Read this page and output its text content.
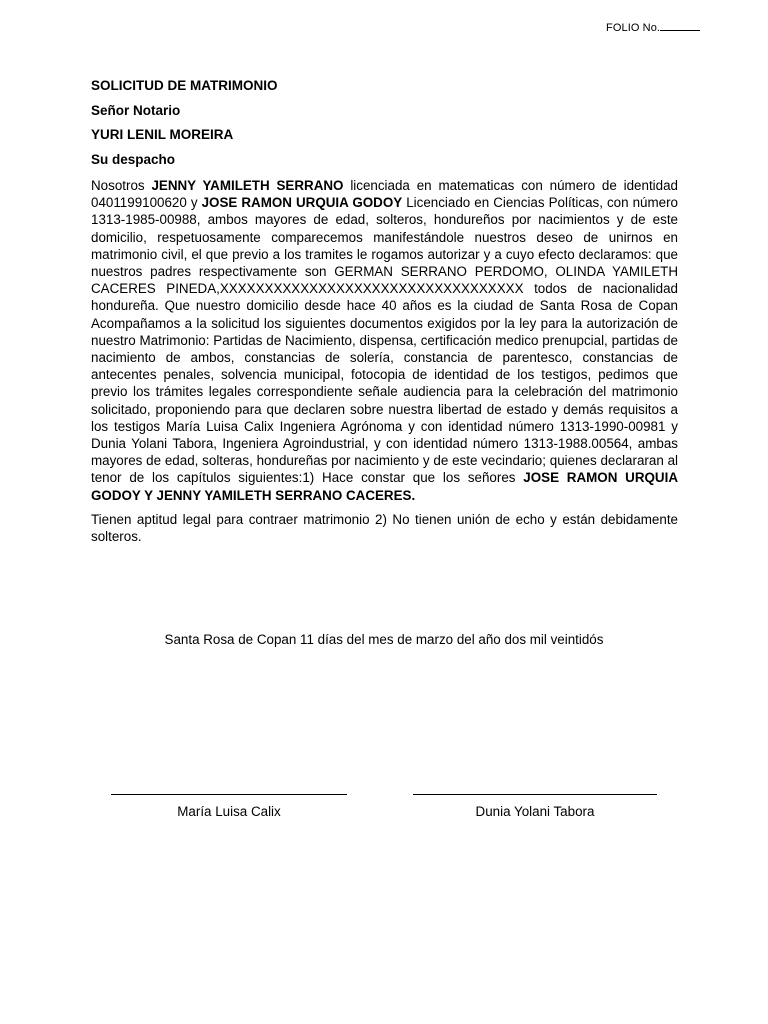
FOLIO No.
SOLICITUD DE MATRIMONIO
Señor Notario
YURI LENIL MOREIRA
Su despacho

Nosotros JENNY YAMILETH SERRANO licenciada en matematicas con número de identidad 0401199100620 y JOSE RAMON URQUIA GODOY Licenciado en Ciencias Políticas, con número 1313-1985-00988, ambos mayores de edad, solteros, hondureños por nacimientos y de este domicilio, respetuosamente comparecemos manifestándole nuestros deseo de unirnos en matrimonio civil, el que previo a los tramites le rogamos autorizar y a cuyo efecto declaramos: que nuestros padres respectivamente son GERMAN SERRANO PERDOMO, OLINDA YAMILETH CACERES PINEDA,XXXXXXXXXXXXXXXXXXXXXXXXXXXXXXXXXX todos de nacionalidad hondureña. Que nuestro domicilio desde hace 40 años es la ciudad de Santa Rosa de Copan Acompañamos a la solicitud los siguientes documentos exigidos por la ley para la autorización de nuestro Matrimonio: Partidas de Nacimiento, dispensa, certificación medico prenupcial, partidas de nacimiento de ambos, constancias de solería, constancia de parentesco, constancias de antecentes penales, solvencia municipal, fotocopia de identidad de los testigos, pedimos que previo los trámites legales correspondiente señale audiencia para la celebración del matrimonio solicitado, proponiendo para que declaren sobre nuestra libertad de estado y demás requisitos a los testigos María Luisa Calix Ingeniera Agrónoma y con identidad número 1313-1990-00981 y Dunia Yolani Tabora, Ingeniera Agroindustrial, y con identidad número 1313-1988.00564, ambas mayores de edad, solteras, hondureñas por nacimiento y de este vecindario; quienes declararan al tenor de los capítulos siguientes:1) Hace constar que los señores JOSE RAMON URQUIA GODOY Y JENNY YAMILETH SERRANO CACERES.

Tienen aptitud legal para contraer matrimonio 2) No tienen unión de echo y están debidamente solteros.

Santa Rosa de Copan 11 días del mes de marzo del año dos mil veintidós
María Luisa Calix	Dunia Yolani Tabora
